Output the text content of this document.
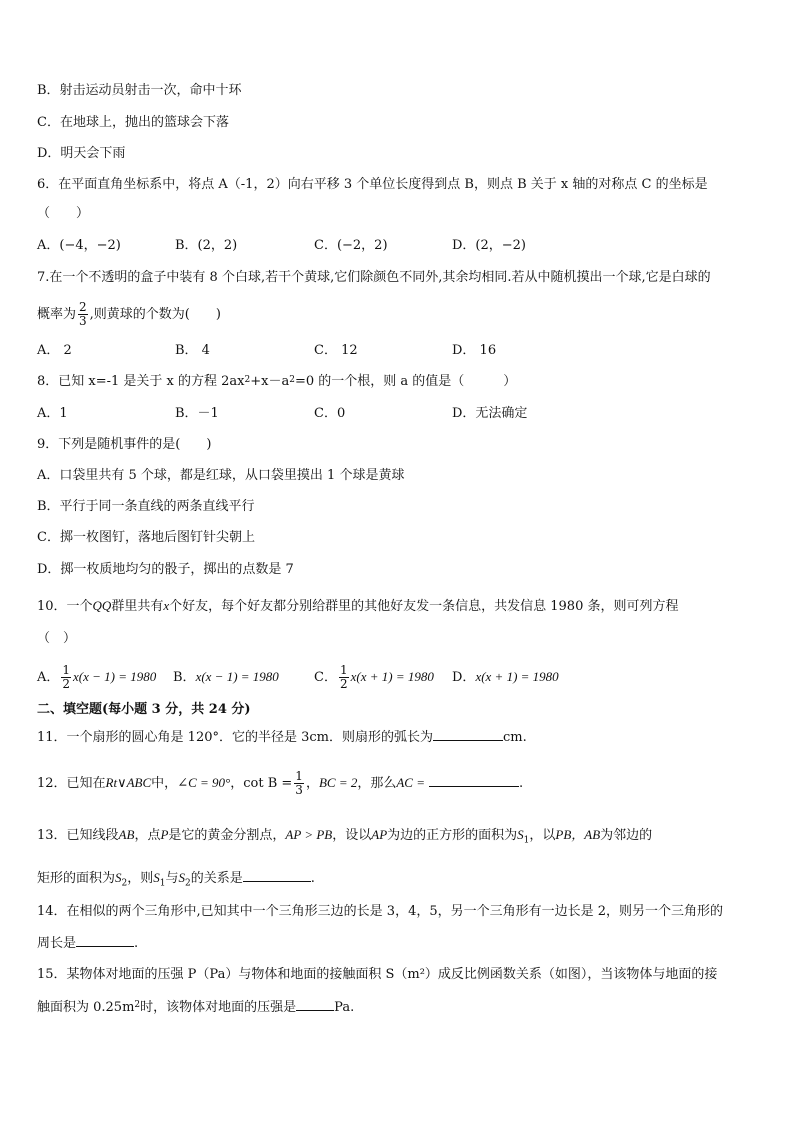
B．射击运动员射击一次，命中十环
C．在地球上，抛出的篮球会下落
D．明天会下雨
6．在平面直角坐标系中，将点 A（-1，2）向右平移 3 个单位长度得到点 B，则点 B 关于 x 轴的对称点 C 的坐标是
（　　）
A．(−4，−2)	B．(2，2)	C．(−2，2)	D．(2，−2)
7.在一个不透明的盒子中装有 8 个白球,若干个黄球,它们除颜色不同外,其余均相同.若从中随机摸出一个球,它是白球的
概率为 $\frac{2}{3}$ ,则黄球的个数为(　　)
A． 2	B． 4	C． 12	D． 16
8．已知 x=-1 是关于 x 的方程 $2ax^2+x-a^2=0$ 的一个根，则 a 的值是（　　　）
A．1	B．－1	C．0	D．无法确定
9．下列是随机事件的是(　　)
A．口袋里共有 5 个球，都是红球，从口袋里摸出 1 个球是黄球
B．平行于同一条直线的两条直线平行
C．掷一枚图钉，落地后图钉针尖朝上
D．掷一枚质地均匀的骰子，掷出的点数是 7
10．一个QQ群里共有x个好友，每个好友都分别给群里的其他好友发一条信息，共发信息 1980 条，则可列方程
（　）
A． $\frac{1}{2} x(x - 1) = 1980$ B．x(x − 1) = 1980	C． $\frac{1}{2} x(x + 1) = 1980$ D．x(x + 1) = 1980
二、填空题(每小题 3 分，共 24 分)
11．一个扇形的圆心角是 120°．它的半径是 3cm．则扇形的弧长为	cm.
12．已知在Rt∨ABC中，∠C = 90°，$\cot B = \frac{1}{3}$ ，BC = 2，那么AC =	.
13．已知线段AB，点P是它的黄金分割点，AP > PB，设以AP为边的正方形的面积为$S_1$，以PB，AB为邻边的
矩形的面积为$S_2$，则$S_1$与$S_2$的关系是	.
14．在相似的两个三角形中,已知其中一个三角形三边的长是 3，4，5，另一个三角形有一边长是 2，则另一个三角形的
周长是	.
15．某物体对地面的压强 P（Pa）与物体和地面的接触面积 S（m²）成反比例函数关系（如图），当该物体与地面的接
触面积为 $0.25m^2$时，该物体对地面的压强是	Pa.
